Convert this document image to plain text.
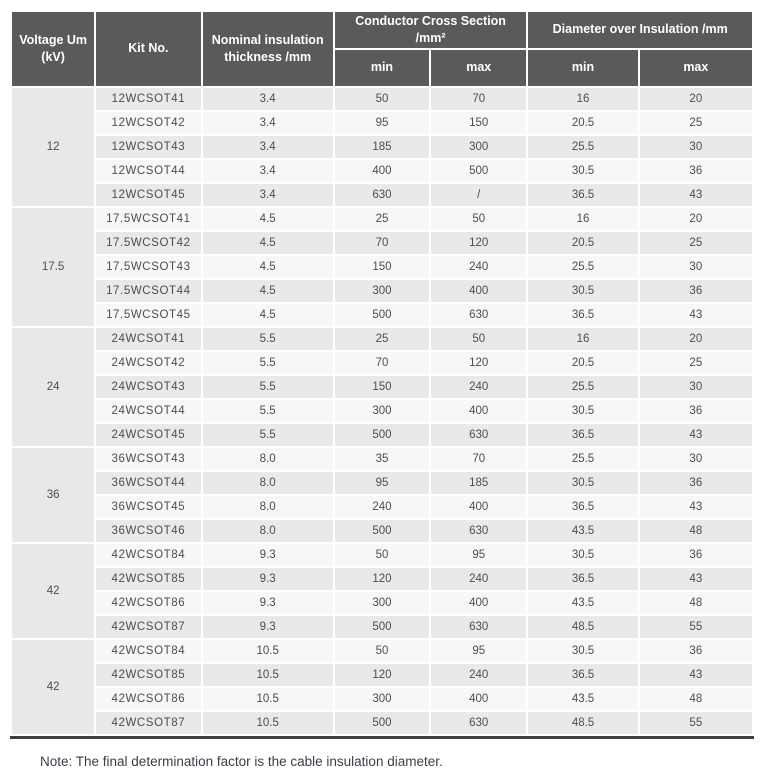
Voltage Um (kV)	Kit No.	Nominal insulation thickness /mm	Conductor Cross Section /mm²		Diameter over Insulation /mm	
			min	max	min	max
12	12WCSOT41	3.4	50	70	16	20
	12WCSOT42	3.4	95	150	20.5	25
	12WCSOT43	3.4	185	300	25.5	30
	12WCSOT44	3.4	400	500	30.5	36
	12WCSOT45	3.4	630	/	36.5	43
17.5	17.5WCSOT41	4.5	25	50	16	20
	17.5WCSOT42	4.5	70	120	20.5	25
	17.5WCSOT43	4.5	150	240	25.5	30
	17.5WCSOT44	4.5	300	400	30.5	36
	17.5WCSOT45	4.5	500	630	36.5	43
24	24WCSOT41	5.5	25	50	16	20
	24WCSOT42	5.5	70	120	20.5	25
	24WCSOT43	5.5	150	240	25.5	30
	24WCSOT44	5.5	300	400	30.5	36
	24WCSOT45	5.5	500	630	36.5	43
36	36WCSOT43	8.0	35	70	25.5	30
	36WCSOT44	8.0	95	185	30.5	36
	36WCSOT45	8.0	240	400	36.5	43
	36WCSOT46	8.0	500	630	43.5	48
42	42WCSOT84	9.3	50	95	30.5	36
	42WCSOT85	9.3	120	240	36.5	43
	42WCSOT86	9.3	300	400	43.5	48
	42WCSOT87	9.3	500	630	48.5	55
42	42WCSOT84	10.5	50	95	30.5	36
	42WCSOT85	10.5	120	240	36.5	43
	42WCSOT86	10.5	300	400	43.5	48
	42WCSOT87	10.5	500	630	48.5	55

Note: The final determination factor is the cable insulation diameter.
